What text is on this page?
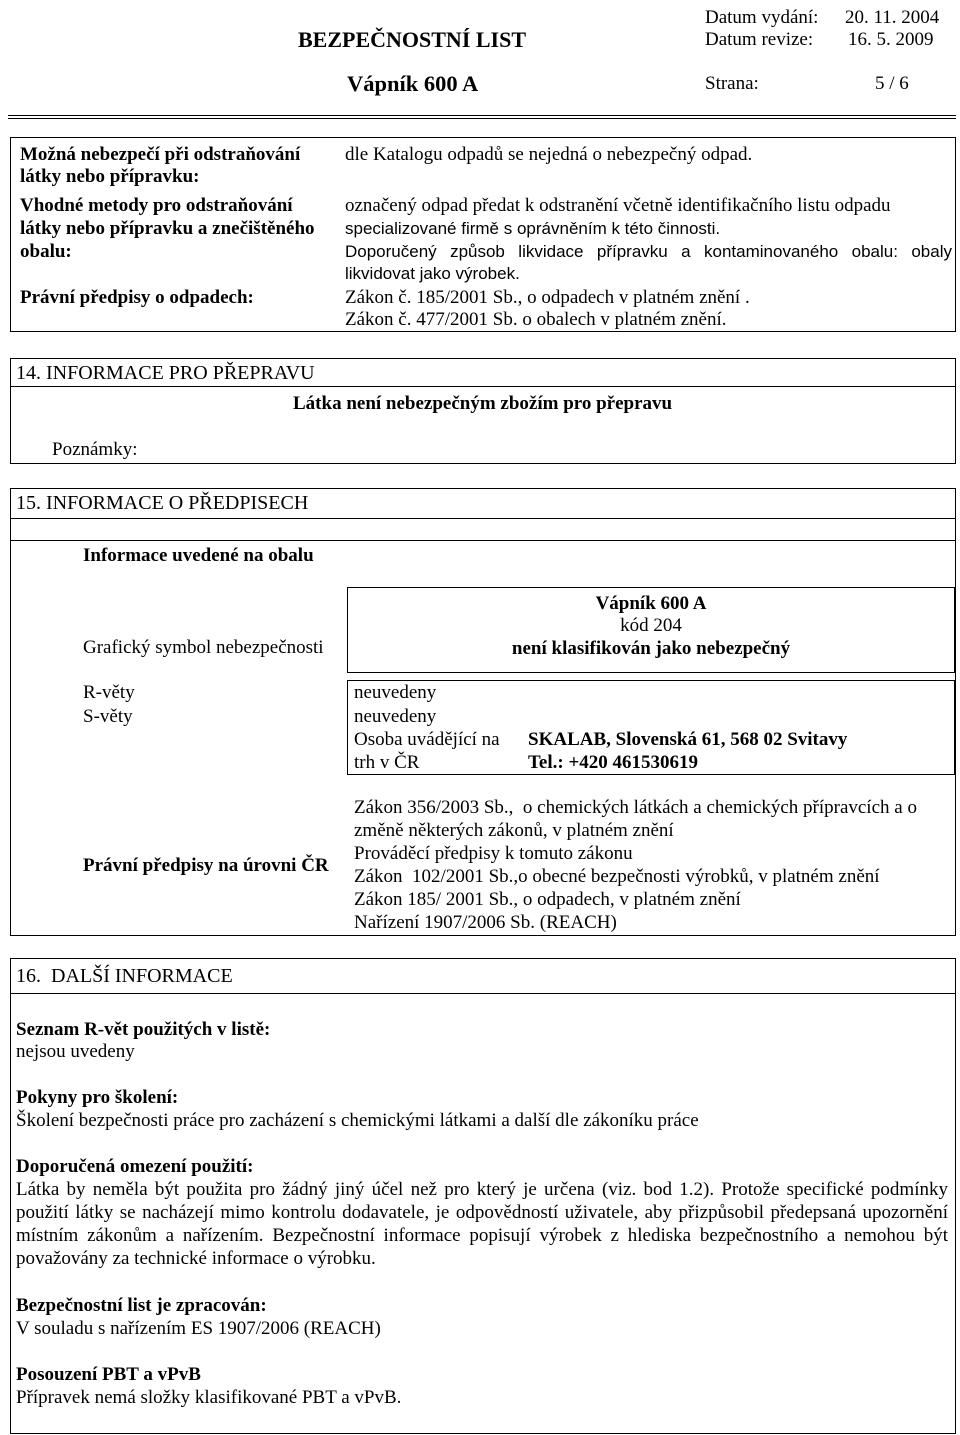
BEZPEČNOSTNÍ LIST
Vápník 600 A
Datum vydání: 20. 11. 2004
Datum revize: 16. 5. 2009
Strana:	5 / 6
Možná nebezpečí při odstraňování
látky nebo přípravku:
dle Katalogu odpadů se nejedná o nebezpečný odpad.
Vhodné metody pro odstraňování
látky nebo přípravku a znečištěného
obalu:
označený odpad předat k odstranění včetně identifikačního listu odpadu
specializované firmě s oprávněním k této činnosti.
Doporučený způsob likvidace přípravku a kontaminovaného obalu: obaly
likvidovat jako výrobek.
Právní předpisy o odpadech:	Zákon č. 185/2001 Sb., o odpadech v platném znění .
Zákon č. 477/2001 Sb. o obalech v platném znění.
14. INFORMACE PRO PŘEPRAVU
Látka není nebezpečným zbožím pro přepravu
Poznámky:
15. INFORMACE O PŘEDPISECH
Informace uvedené na obalu
Vápník 600 A
kód 204
není klasifikován jako nebezpečný
Grafický symbol nebezpečnosti
R-věty
S-věty
neuvedeny
neuvedeny
Osoba uvádějící na
trh v ČR
SKALAB, Slovenská 61, 568 02 Svitavy
Tel.: +420 461530619
Právní předpisy na úrovni ČR
Zákon 356/2003 Sb.,  o chemických látkách a chemických přípravcích a o
změně některých zákonů, v platném znění
Prováděcí předpisy k tomuto zákonu
Zákon  102/2001 Sb.,o obecné bezpečnosti výrobků, v platném znění
Zákon 185/ 2001 Sb., o odpadech, v platném znění
Nařízení 1907/2006 Sb. (REACH)
16.  DALŠÍ INFORMACE
Seznam R-vět použitých v listě:
nejsou uvedeny
Pokyny pro školení:
Školení bezpečnosti práce pro zacházení s chemickými látkami a další dle zákoníku práce
Doporučená omezení použití:
Látka by neměla být použita pro žádný jiný účel než pro který je určena (viz. bod 1.2). Protože specifické podmínky
použití látky se nacházejí mimo kontrolu dodavatele, je odpovědností uživatele, aby přizpůsobil předepsaná upozornění
místním zákonům a nařízením. Bezpečnostní informace popisují výrobek z hlediska bezpečnostního a nemohou být
považovány za technické informace o výrobku.
Bezpečnostní list je zpracován:
V souladu s nařízením ES 1907/2006 (REACH)
Posouzení PBT a vPvB
Přípravek nemá složky klasifikované PBT a vPvB.
